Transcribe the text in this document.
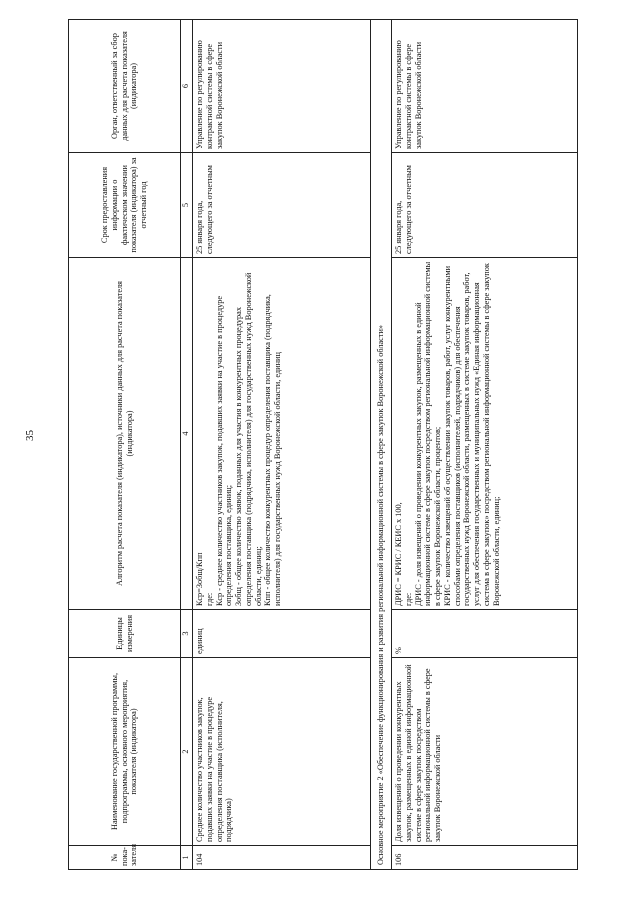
35
№ пока-зателя	Наименование государственной программы, подпрограммы, основного мероприятия, показателя (индикатора)	Единицы измерения	Алгоритм расчета показателя (индикатора), источники данных для расчета показателя (индикатора)	Срок предоставления информации о фактическом значении показателя (индикатора) за отчетный год	Орган, ответственный за сбор данных для расчета показателя (индикатора)
1	2	3	4	5	6
104	Среднее количество участников закупок, подавших заявки на участие в процедуре определения поставщика (исполнителя, подрядчика)	единиц	Кср=Зобщ/Кпп где: Кср - среднее количество участников закупок, подавших заявки на участие в процедуре определения поставщика, единиц; Зобщ - общее количество заявок, поданных для участия в конкурентных процедурах определения поставщика (подрядчика, исполнителя) для государственных нужд Воронежской области, единиц; Кпп - общее количество конкурентных процедур определения поставщика (подрядчика, исполнителя) для государственных нужд Воронежской области, единиц	25 января года, следующего за отчетным	Управление по регулированию контрактной системы в сфере закупок Воронежской области
Основное мероприятие 2 «Обеспечение функционирования и развития региональной информационной системы в сфере закупок Воронежской области»					
106	Доля извещений о проведении конкурентных закупок, размещенных в единой информационной системе в сфере закупок посредством региональной информационной системы в сфере закупок Воронежской области	%	ДРИС = КРИС / КЕИС х 100, где: ДРИС - доля извещений о проведении конкурентных закупок, размещенных в единой информационной системе в сфере закупок посредством региональной информационной системы в сфере закупок Воронежской области, процентов; КРИС - количество извещений об осуществлении закупок товаров, работ, услуг конкурентными способами определения поставщиков (исполнителей, подрядчиков) для обеспечения государственных нужд Воронежской области, размещенных в системе закупок товаров, работ, услуг для обеспечения государственных и муниципальных нужд «Единая информационная система в сфере закупок» посредством региональной информационной системы в сфере закупок Воронежской области, единиц;	25 января года, следующего за отчетным	Управление по регулированию контрактной системы в сфере закупок Воронежской области
